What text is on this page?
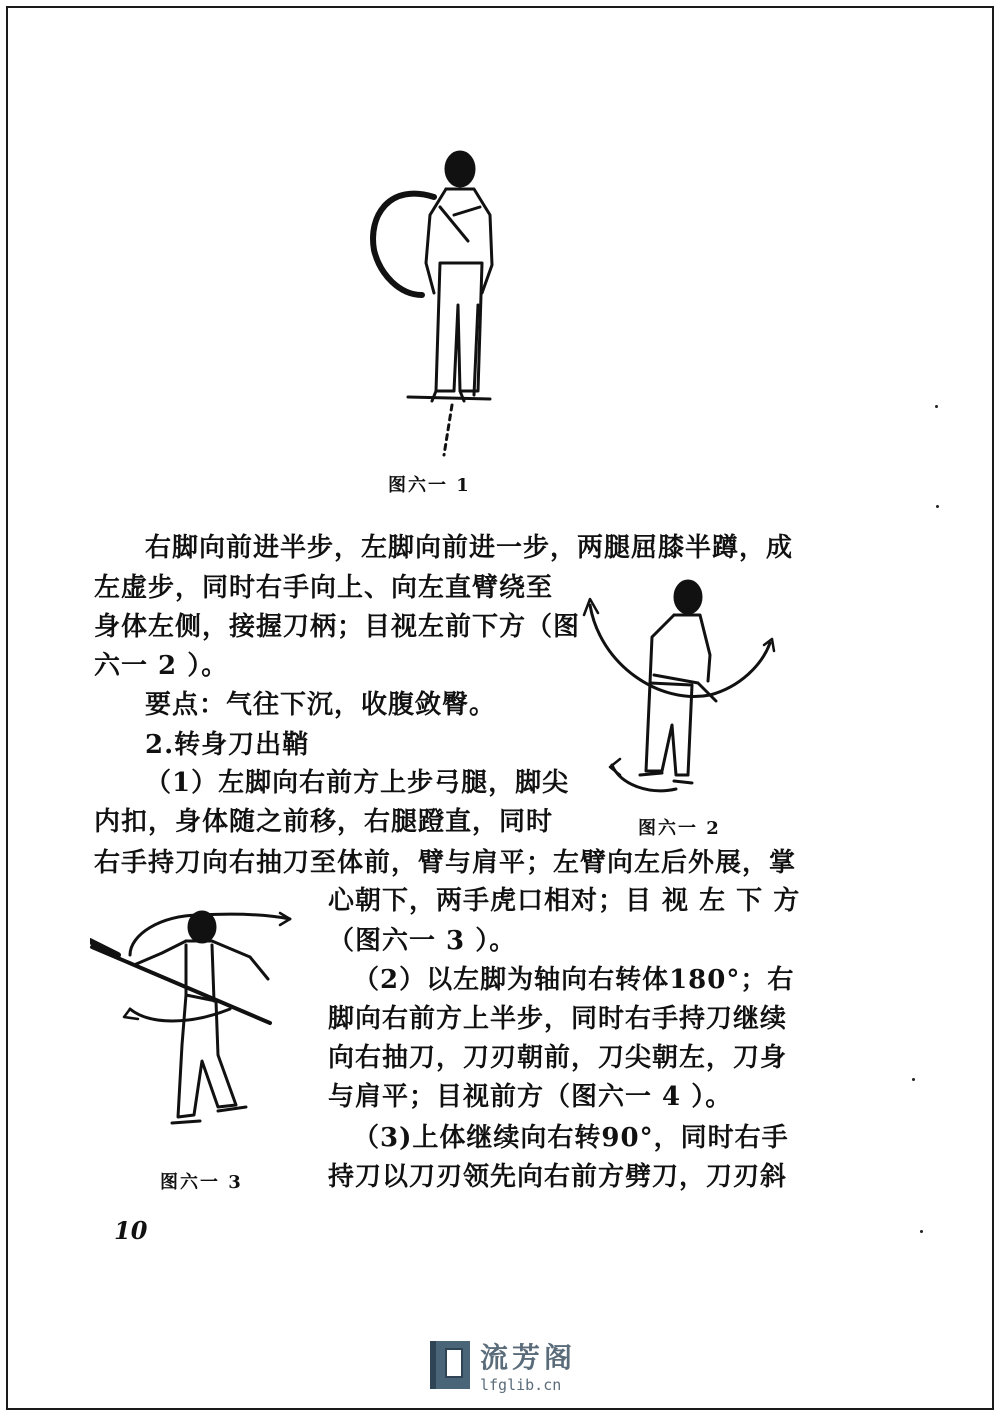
图六一 1
右脚向前进半步，左脚向前进一步，两腿屈膝半蹲，成
左虚步，同时右手向上、向左直臂绕至
身体左侧，接握刀柄；目视左前下方（图
六一 2 ）。
要点：气往下沉，收腹敛臀。
2.转身刀出鞘
（1）左脚向右前方上步弓腿，脚尖
内扣，身体随之前移，右腿蹬直，同时
右手持刀向右抽刀至体前，臂与肩平；左臂向左后外展，掌
心朝下，两手虎口相对；目 视 左 下 方
（图六一 3 ）。
（2）以左脚为轴向右转体180°；右
脚向右前方上半步，同时右手持刀继续
向右抽刀，刀刃朝前，刀尖朝左，刀身
与肩平；目视前方（图六一 4 ）。
（3)上体继续向右转90°，同时右手
持刀以刀刃领先向右前方劈刀，刀刃斜
图六一 2
图六一 3
10
流芳阁
lfglib.cn
